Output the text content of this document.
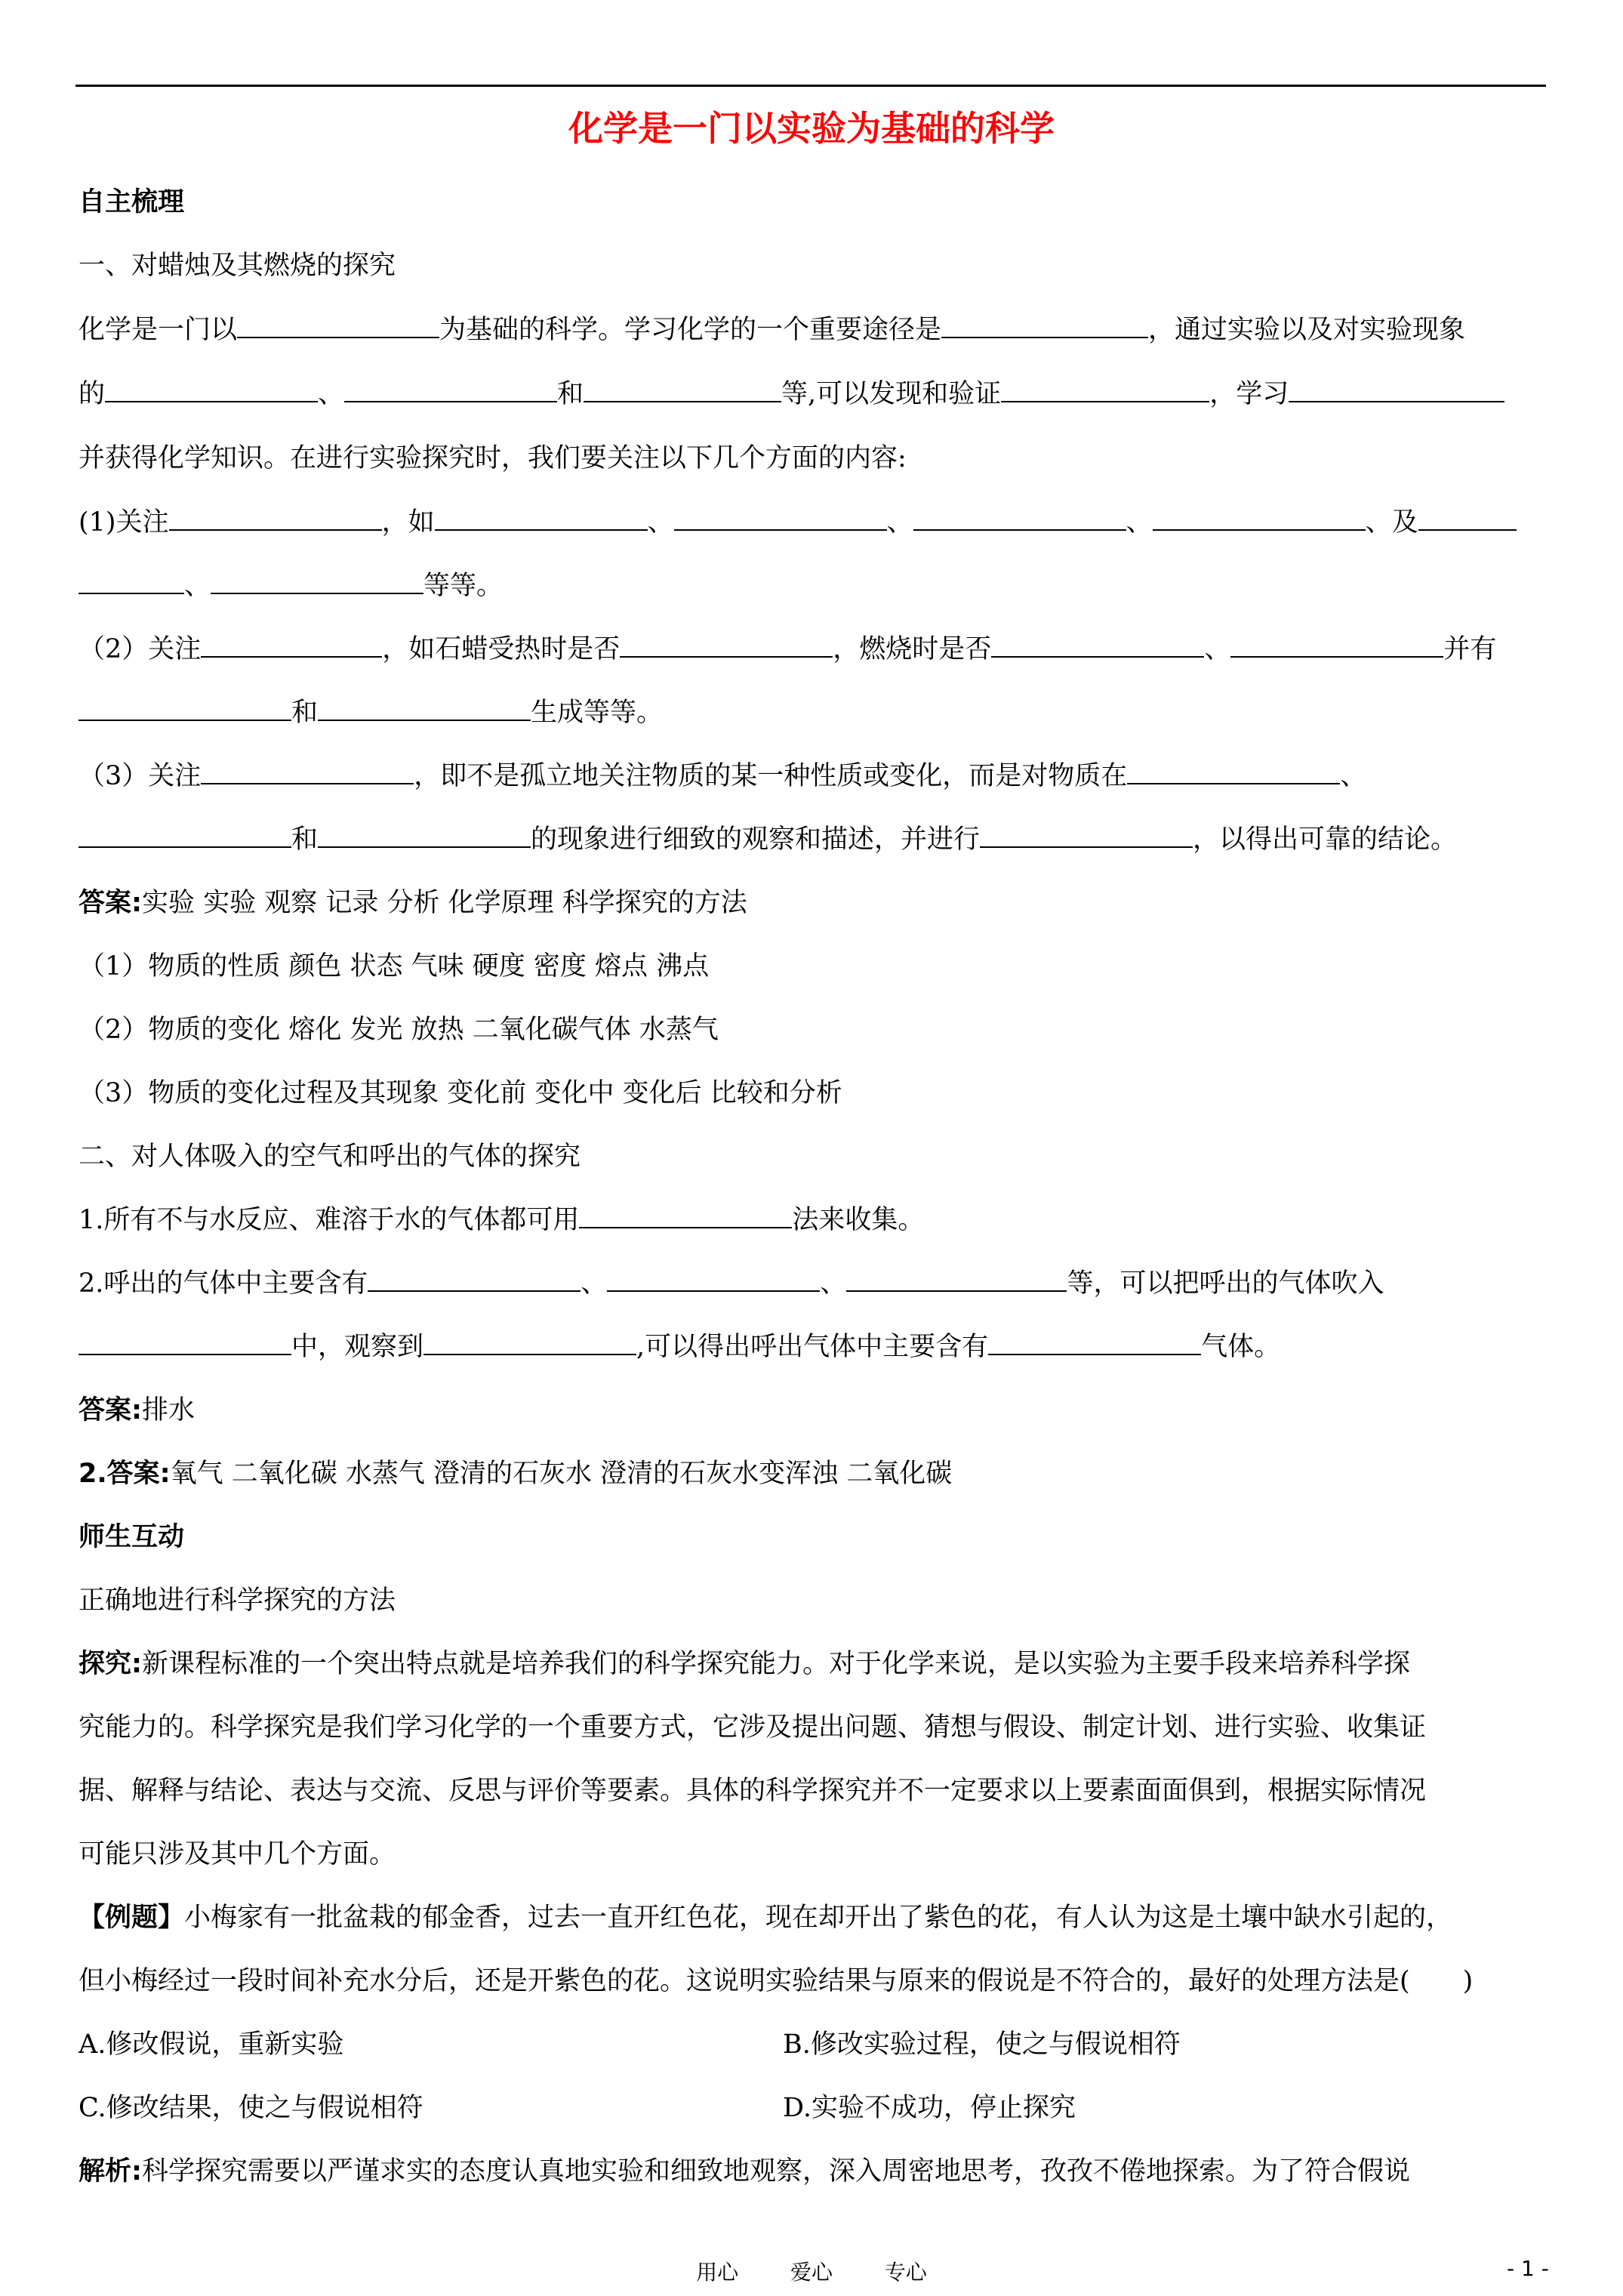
化学是一门以实验为基础的科学
自主梳理
一、对蜡烛及其燃烧的探究
化学是一门以	为基础的科学。学习化学的一个重要途径是	，通过实验以及对实验现象
的	、	和	等,可以发现和验证	，学习
并获得化学知识。在进行实验探究时，我们要关注以下几个方面的内容:
(1)关注	，如	、	、	、	、及
、	等等。
（2）关注	，如石蜡受热时是否	，燃烧时是否	、	并有
和	生成等等。
（3）关注	，即不是孤立地关注物质的某一种性质或变化，而是对物质在	、
和	的现象进行细致的观察和描述，并进行	，以得出可靠的结论。
答案:实验 实验 观察 记录 分析 化学原理 科学探究的方法
（1）物质的性质 颜色 状态 气味 硬度 密度 熔点 沸点
（2）物质的变化 熔化 发光 放热 二氧化碳气体 水蒸气
（3）物质的变化过程及其现象 变化前 变化中 变化后 比较和分析
二、对人体吸入的空气和呼出的气体的探究
1.所有不与水反应、难溶于水的气体都可用	法来收集。
2.呼出的气体中主要含有	、	、	等，可以把呼出的气体吹入
中，观察到	,可以得出呼出气体中主要含有	气体。
答案:排水
2.答案:氧气 二氧化碳 水蒸气 澄清的石灰水 澄清的石灰水变浑浊 二氧化碳
师生互动
正确地进行科学探究的方法
探究:新课程标准的一个突出特点就是培养我们的科学探究能力。对于化学来说，是以实验为主要手段来培养科学探
究能力的。科学探究是我们学习化学的一个重要方式，它涉及提出问题、猜想与假设、制定计划、进行实验、收集证
据、解释与结论、表达与交流、反思与评价等要素。具体的科学探究并不一定要求以上要素面面俱到，根据实际情况
可能只涉及其中几个方面。
【例题】小梅家有一批盆栽的郁金香，过去一直开红色花，现在却开出了紫色的花，有人认为这是土壤中缺水引起的，
但小梅经过一段时间补充水分后，还是开紫色的花。这说明实验结果与原来的假说是不符合的，最好的处理方法是(　　)
A.修改假说，重新实验	B.修改实验过程，使之与假说相符
C.修改结果，使之与假说相符	D.实验不成功，停止探究
解析:科学探究需要以严谨求实的态度认真地实验和细致地观察，深入周密地思考，孜孜不倦地探索。为了符合假说
用心 爱心 专心	- 1 -
